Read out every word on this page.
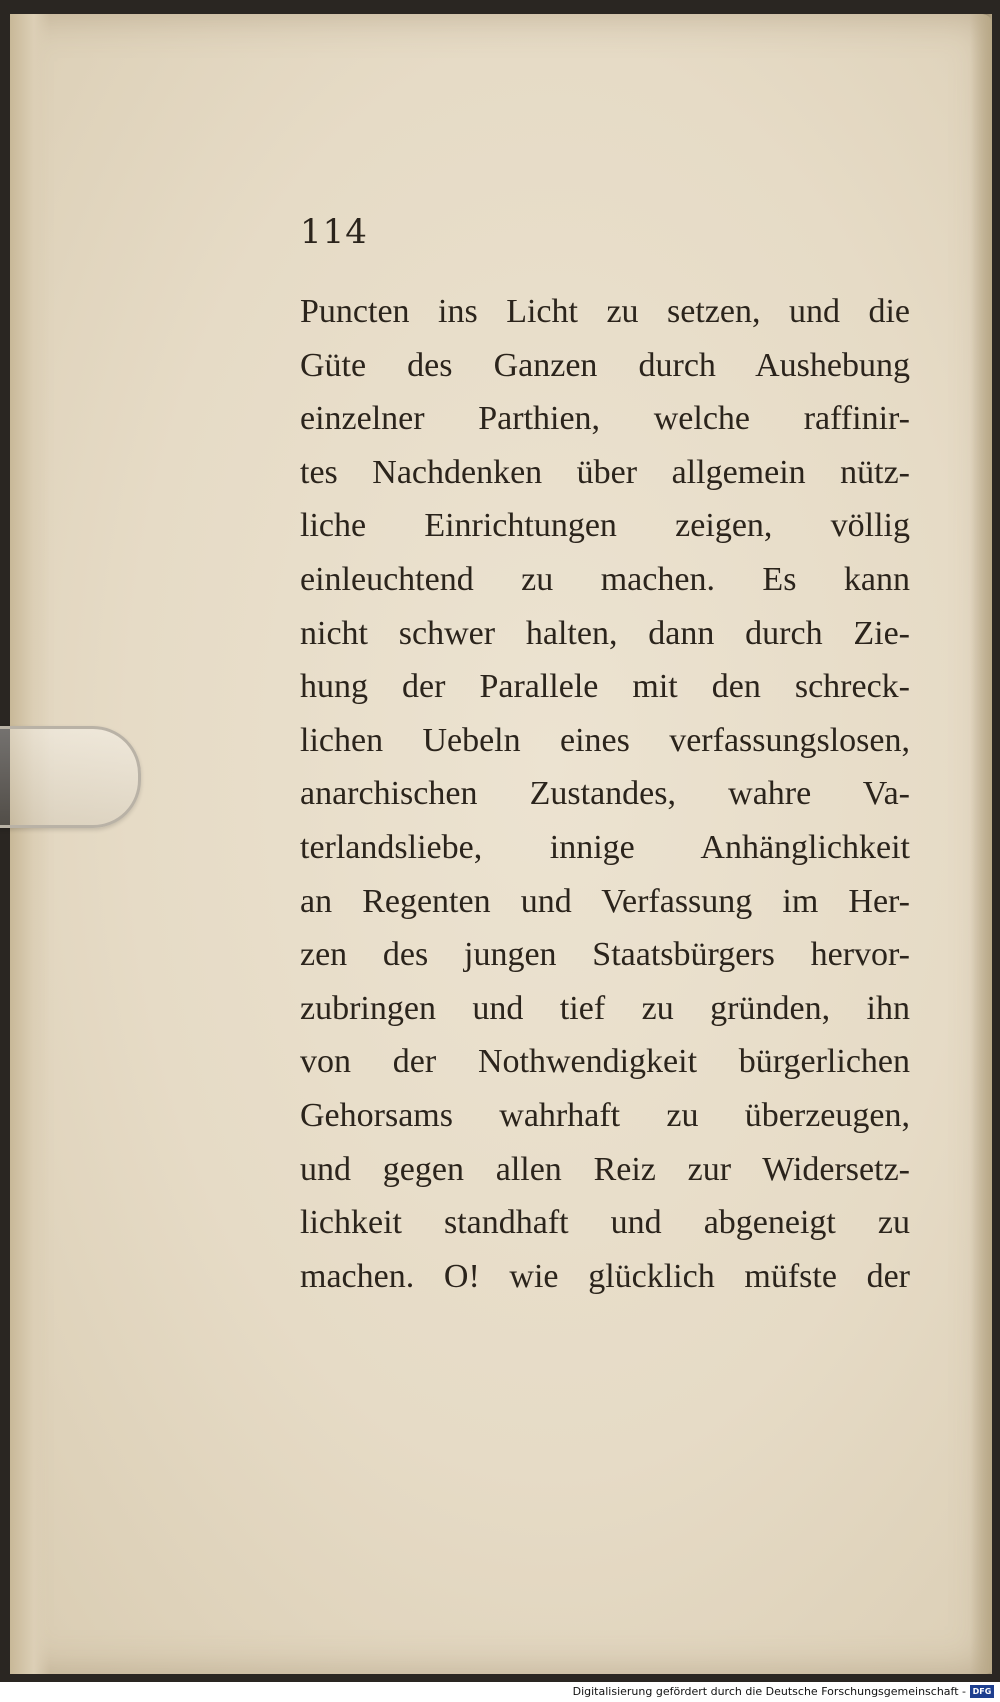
114
Puncten ins Licht zu setzen, und die
Güte des Ganzen durch Aushebung
einzelner Parthien, welche raffinir-
tes Nachdenken über allgemein nütz-
liche Einrichtungen zeigen, völlig
einleuchtend zu machen. Es kann
nicht schwer halten, dann durch Zie-
hung der Parallele mit den schreck-
lichen Uebeln eines verfassungslosen,
anarchischen Zustandes, wahre Va-
terlandsliebe, innige Anhänglichkeit
an Regenten und Verfassung im Her-
zen des jungen Staatsbürgers hervor-
zubringen und tief zu gründen, ihn
von der Nothwendigkeit bürgerlichen
Gehorsams wahrhaft zu überzeugen,
und gegen allen Reiz zur Widersetz-
lichkeit standhaft und abgeneigt zu
machen. O! wie glücklich müfste der
Digitalisierung gefördert durch die Deutsche Forschungsgemeinschaft - DFG
